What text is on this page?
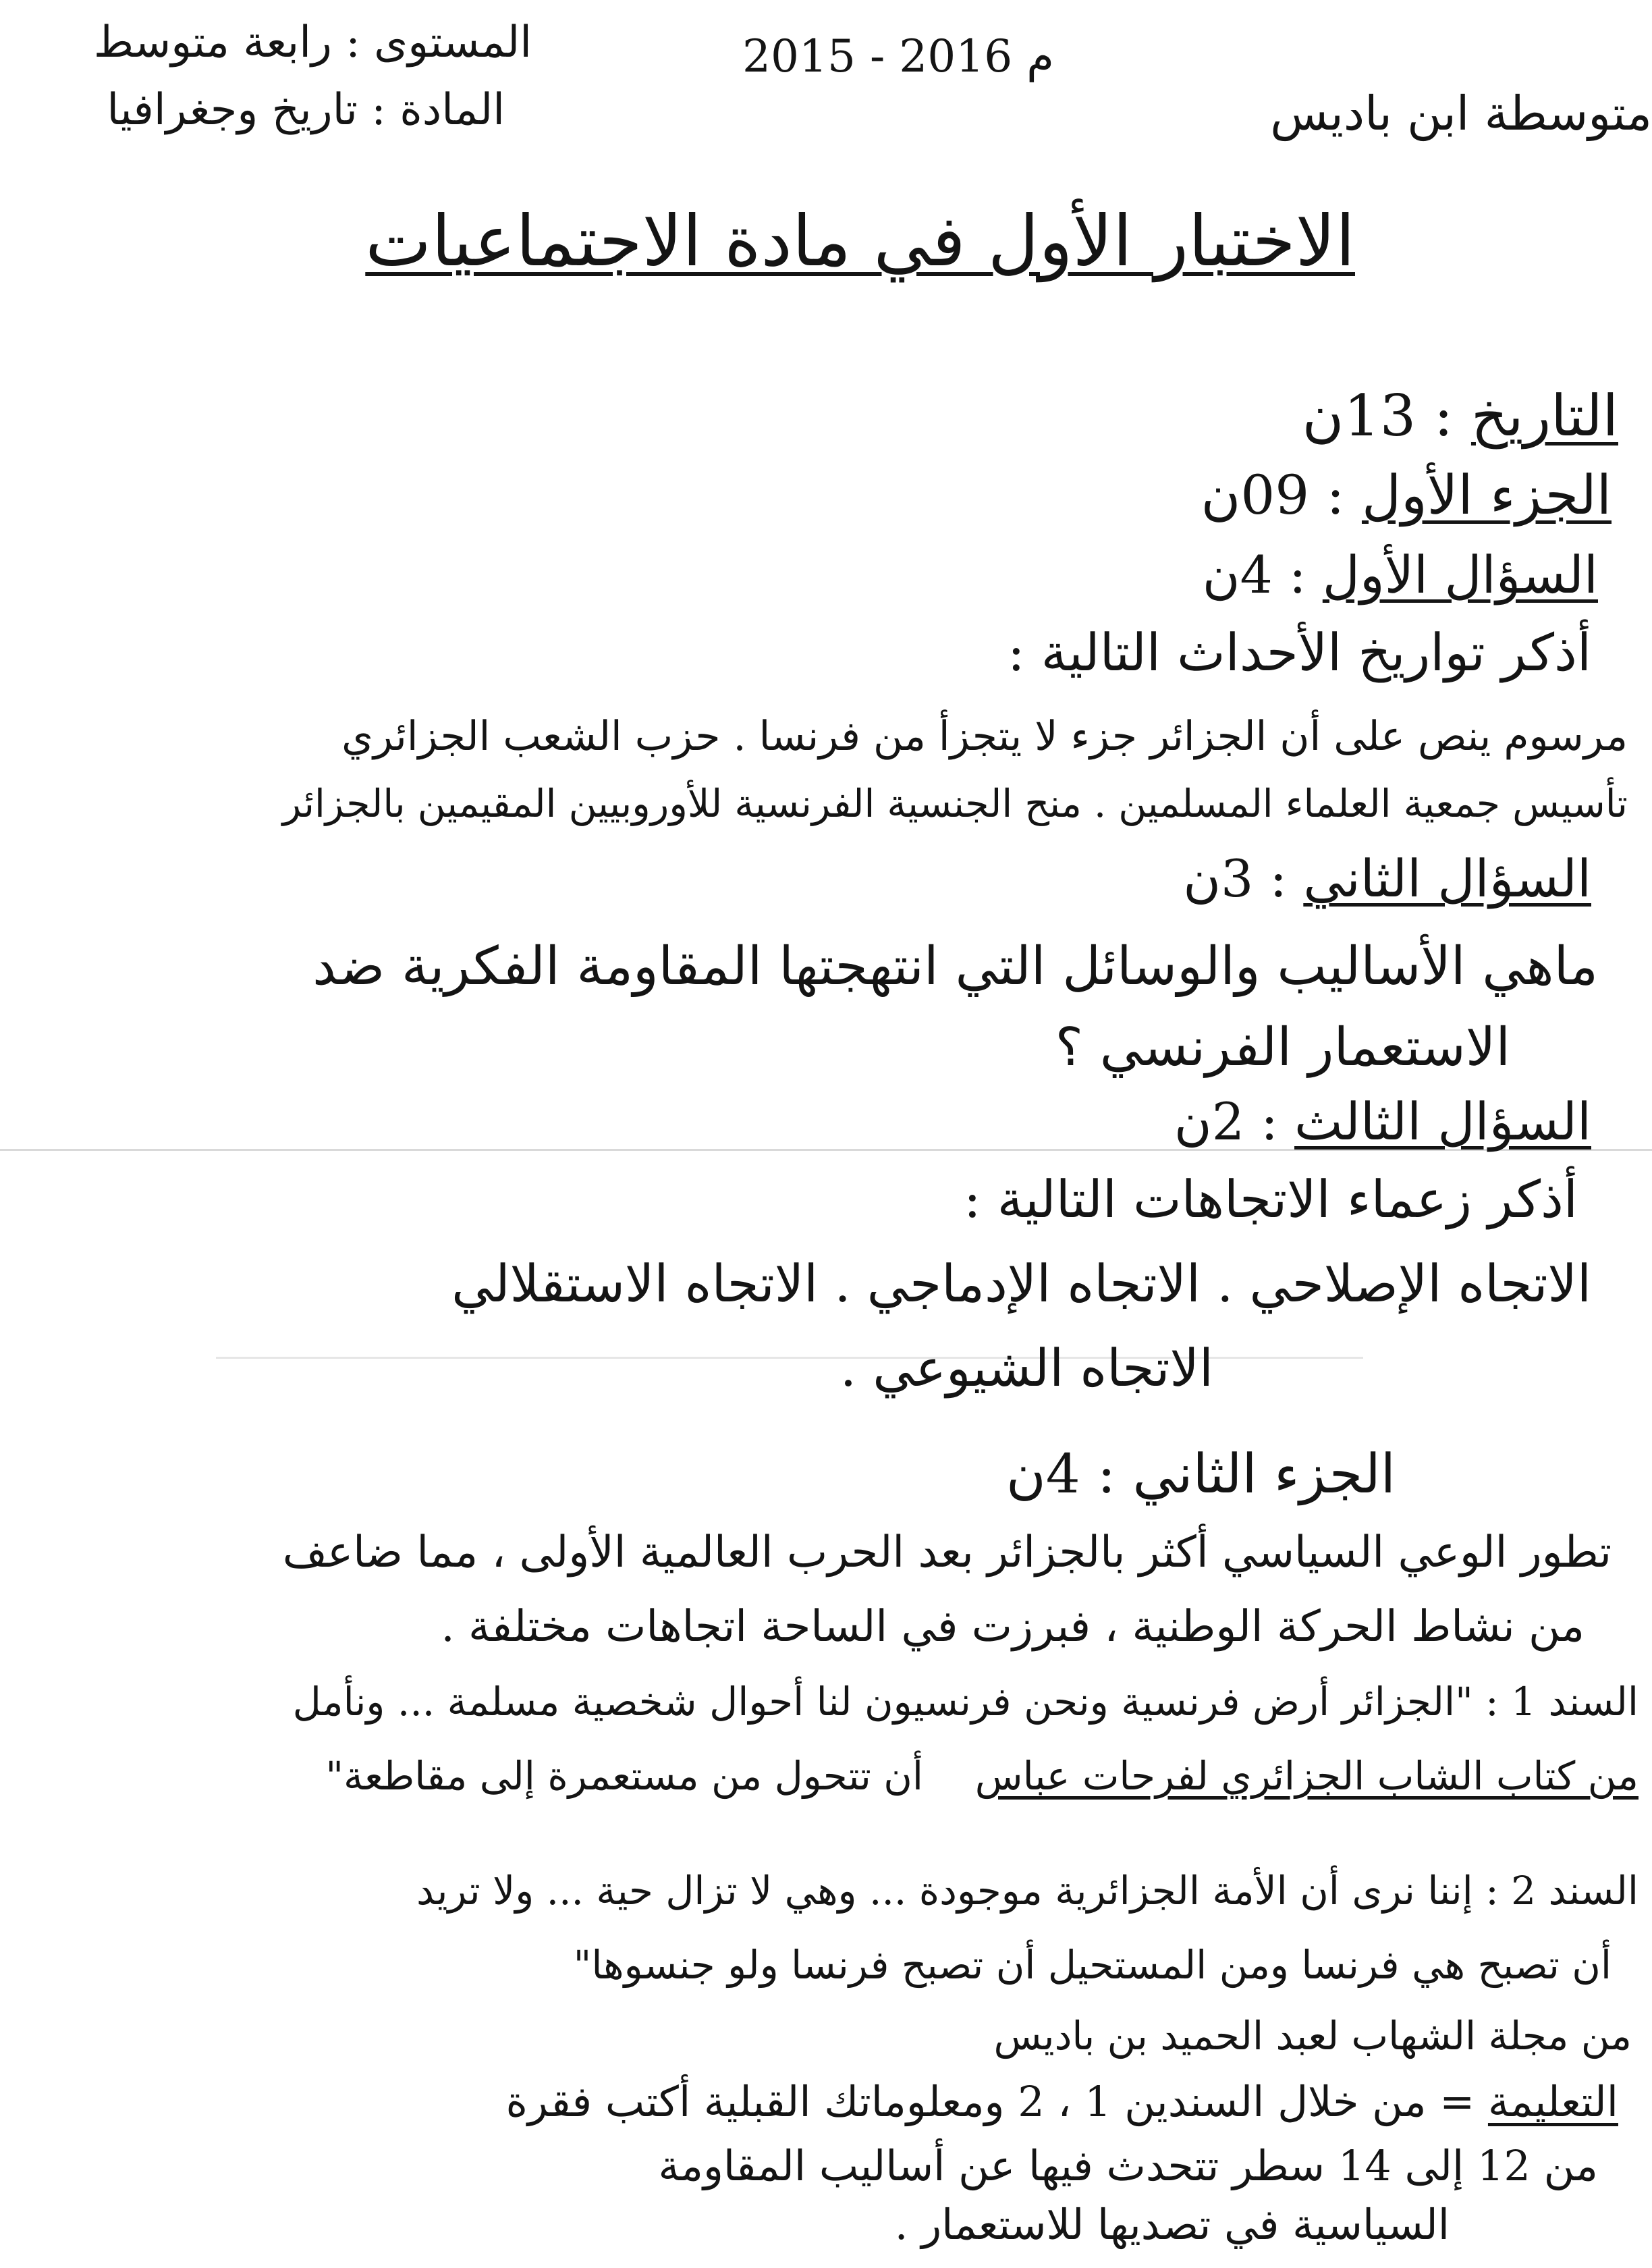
المستوى : رابعة متوسط
المادة : تاريخ وجغرافيا
2015 - 2016 م
متوسطة ابن باديس
الاختبار الأول في مادة الاجتماعيات
التاريخ : 13ن
الجزء الأول : 09ن
السؤال الأول : 4ن
أذكر تواريخ الأحداث التالية :
مرسوم ينص على أن الجزائر جزء لا يتجزأ من فرنسا . حزب الشعب الجزائري
تأسيس جمعية العلماء المسلمين . منح الجنسية الفرنسية للأوروبيين المقيمين بالجزائر
السؤال الثاني : 3ن
ماهي الأساليب والوسائل التي انتهجتها المقاومة الفكرية ضد
الاستعمار الفرنسي ؟
السؤال الثالث : 2ن
أذكر زعماء الاتجاهات التالية :
الاتجاه الإصلاحي . الاتجاه الإدماجي . الاتجاه الاستقلالي
الاتجاه الشيوعي .
الجزء الثاني : 4ن
تطور الوعي السياسي أكثر بالجزائر بعد الحرب العالمية الأولى ، مما ضاعف
من نشاط الحركة الوطنية ، فبرزت في الساحة اتجاهات مختلفة .
السند 1 : "الجزائر أرض فرنسية ونحن فرنسيون لنا أحوال شخصية مسلمة ... ونأمل
أن تتحول من مستعمرة إلى مقاطعة" من كتاب الشاب الجزائري لفرحات عباس
السند 2 : إننا نرى أن الأمة الجزائرية موجودة ... وهي لا تزال حية ... ولا تريد
أن تصبح هي فرنسا ومن المستحيل أن تصبح فرنسا ولو جنسوها"
من مجلة الشهاب لعبد الحميد بن باديس
التعليمة = من خلال السندين 1 ، 2 ومعلوماتك القبلية أكتب فقرة
من 12 إلى 14 سطر تتحدث فيها عن أساليب المقاومة
السياسية في تصديها للاستعمار .
